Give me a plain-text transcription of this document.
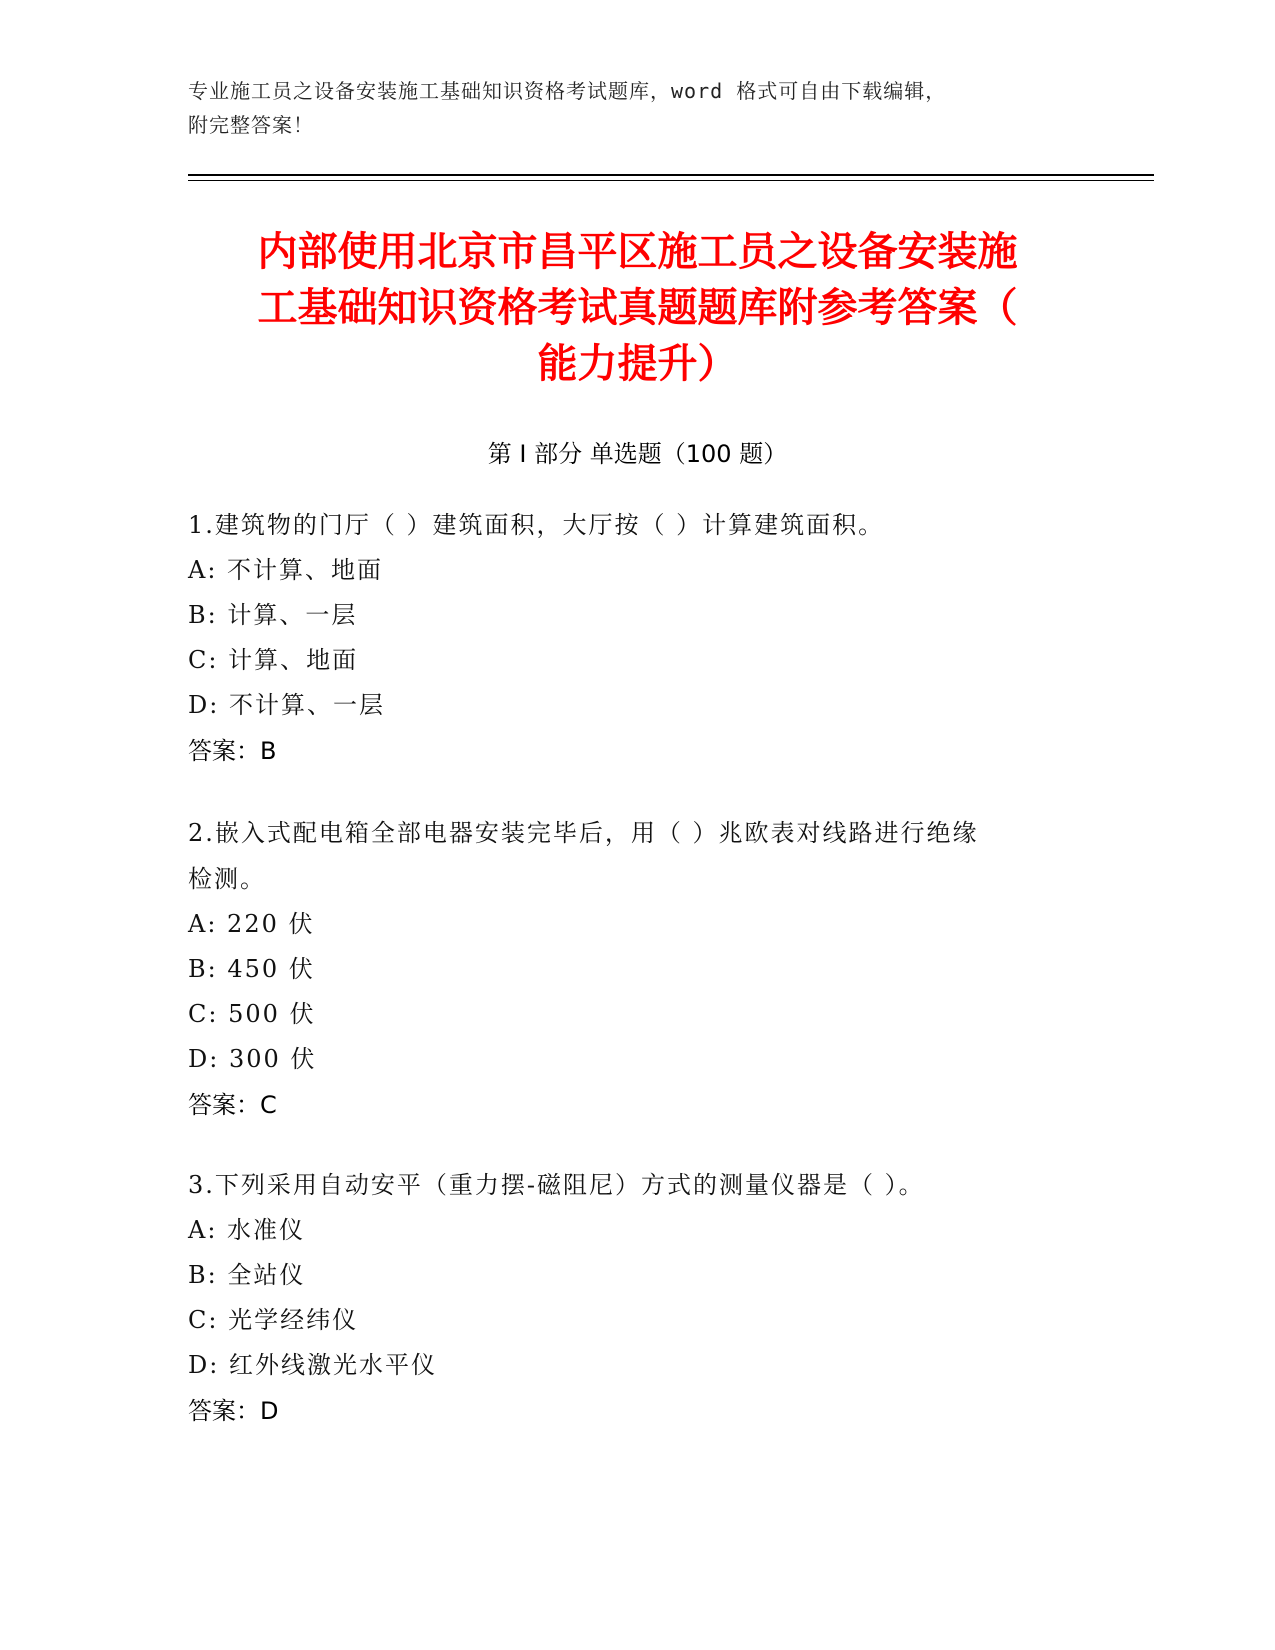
专业施工员之设备安装施工基础知识资格考试题库，word 格式可自由下载编辑，
附完整答案！
内部使用北京市昌平区施工员之设备安装施
工基础知识资格考试真题题库附参考答案（
能力提升）
第 I 部分 单选题（100 题）
1.建筑物的门厅（ ）建筑面积，大厅按（ ）计算建筑面积。
A: 不计算、地面
B: 计算、一层
C: 计算、地面
D: 不计算、一层
答案：B
2.嵌入式配电箱全部电器安装完毕后，用（ ）兆欧表对线路进行绝缘
检测。
A: 220 伏
B: 450 伏
C: 500 伏
D: 300 伏
答案：C
3.下列采用自动安平（重力摆-磁阻尼）方式的测量仪器是（ ）。
A: 水准仪
B: 全站仪
C: 光学经纬仪
D: 红外线激光水平仪
答案：D
